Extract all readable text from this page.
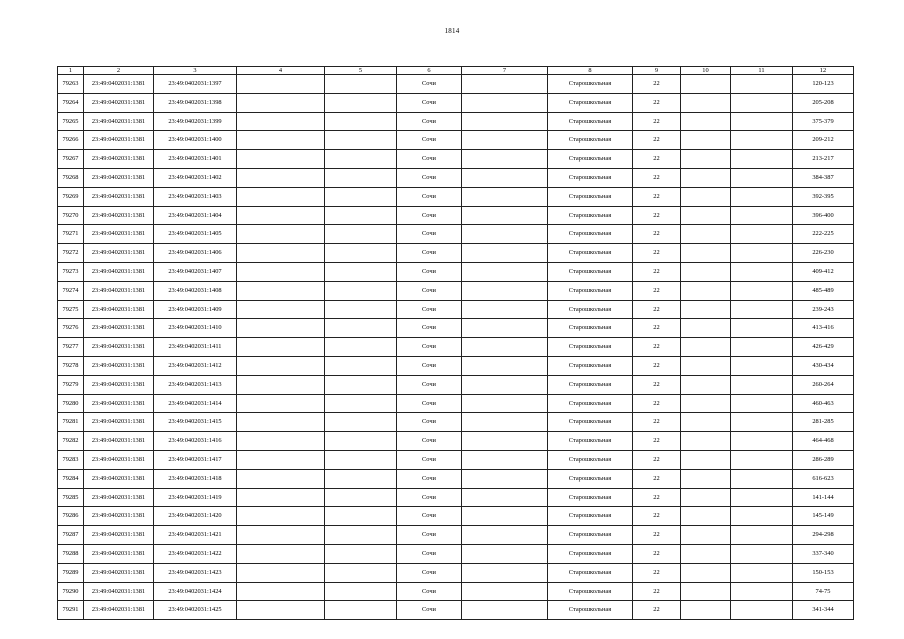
1814
1	2	3	4	5	6	7	8	9	10	11	12
79263	23:49:0402031:1381	23:49:0402031:1397			Сочи		Старошкольная	22			120-123
79264	23:49:0402031:1381	23:49:0402031:1398			Сочи		Старошкольная	22			205-208
79265	23:49:0402031:1381	23:49:0402031:1399			Сочи		Старошкольная	22			375-379
79266	23:49:0402031:1381	23:49:0402031:1400			Сочи		Старошкольная	22			209-212
79267	23:49:0402031:1381	23:49:0402031:1401			Сочи		Старошкольная	22			213-217
79268	23:49:0402031:1381	23:49:0402031:1402			Сочи		Старошкольная	22			384-387
79269	23:49:0402031:1381	23:49:0402031:1403			Сочи		Старошкольная	22			392-395
79270	23:49:0402031:1381	23:49:0402031:1404			Сочи		Старошкольная	22			396-400
79271	23:49:0402031:1381	23:49:0402031:1405			Сочи		Старошкольная	22			222-225
79272	23:49:0402031:1381	23:49:0402031:1406			Сочи		Старошкольная	22			226-230
79273	23:49:0402031:1381	23:49:0402031:1407			Сочи		Старошкольная	22			409-412
79274	23:49:0402031:1381	23:49:0402031:1408			Сочи		Старошкольная	22			485-489
79275	23:49:0402031:1381	23:49:0402031:1409			Сочи		Старошкольная	22			239-243
79276	23:49:0402031:1381	23:49:0402031:1410			Сочи		Старошкольная	22			413-416
79277	23:49:0402031:1381	23:49:0402031:1411			Сочи		Старошкольная	22			426-429
79278	23:49:0402031:1381	23:49:0402031:1412			Сочи		Старошкольная	22			430-434
79279	23:49:0402031:1381	23:49:0402031:1413			Сочи		Старошкольная	22			260-264
79280	23:49:0402031:1381	23:49:0402031:1414			Сочи		Старошкольная	22			460-463
79281	23:49:0402031:1381	23:49:0402031:1415			Сочи		Старошкольная	22			281-285
79282	23:49:0402031:1381	23:49:0402031:1416			Сочи		Старошкольная	22			464-468
79283	23:49:0402031:1381	23:49:0402031:1417			Сочи		Старошкольная	22			286-289
79284	23:49:0402031:1381	23:49:0402031:1418			Сочи		Старошкольная	22			616-623
79285	23:49:0402031:1381	23:49:0402031:1419			Сочи		Старошкольная	22			141-144
79286	23:49:0402031:1381	23:49:0402031:1420			Сочи		Старошкольная	22			145-149
79287	23:49:0402031:1381	23:49:0402031:1421			Сочи		Старошкольная	22			294-298
79288	23:49:0402031:1381	23:49:0402031:1422			Сочи		Старошкольная	22			337-340
79289	23:49:0402031:1381	23:49:0402031:1423			Сочи		Старошкольная	22			150-153
79290	23:49:0402031:1381	23:49:0402031:1424			Сочи		Старошкольная	22			74-75
79291	23:49:0402031:1381	23:49:0402031:1425			Сочи		Старошкольная	22			341-344
